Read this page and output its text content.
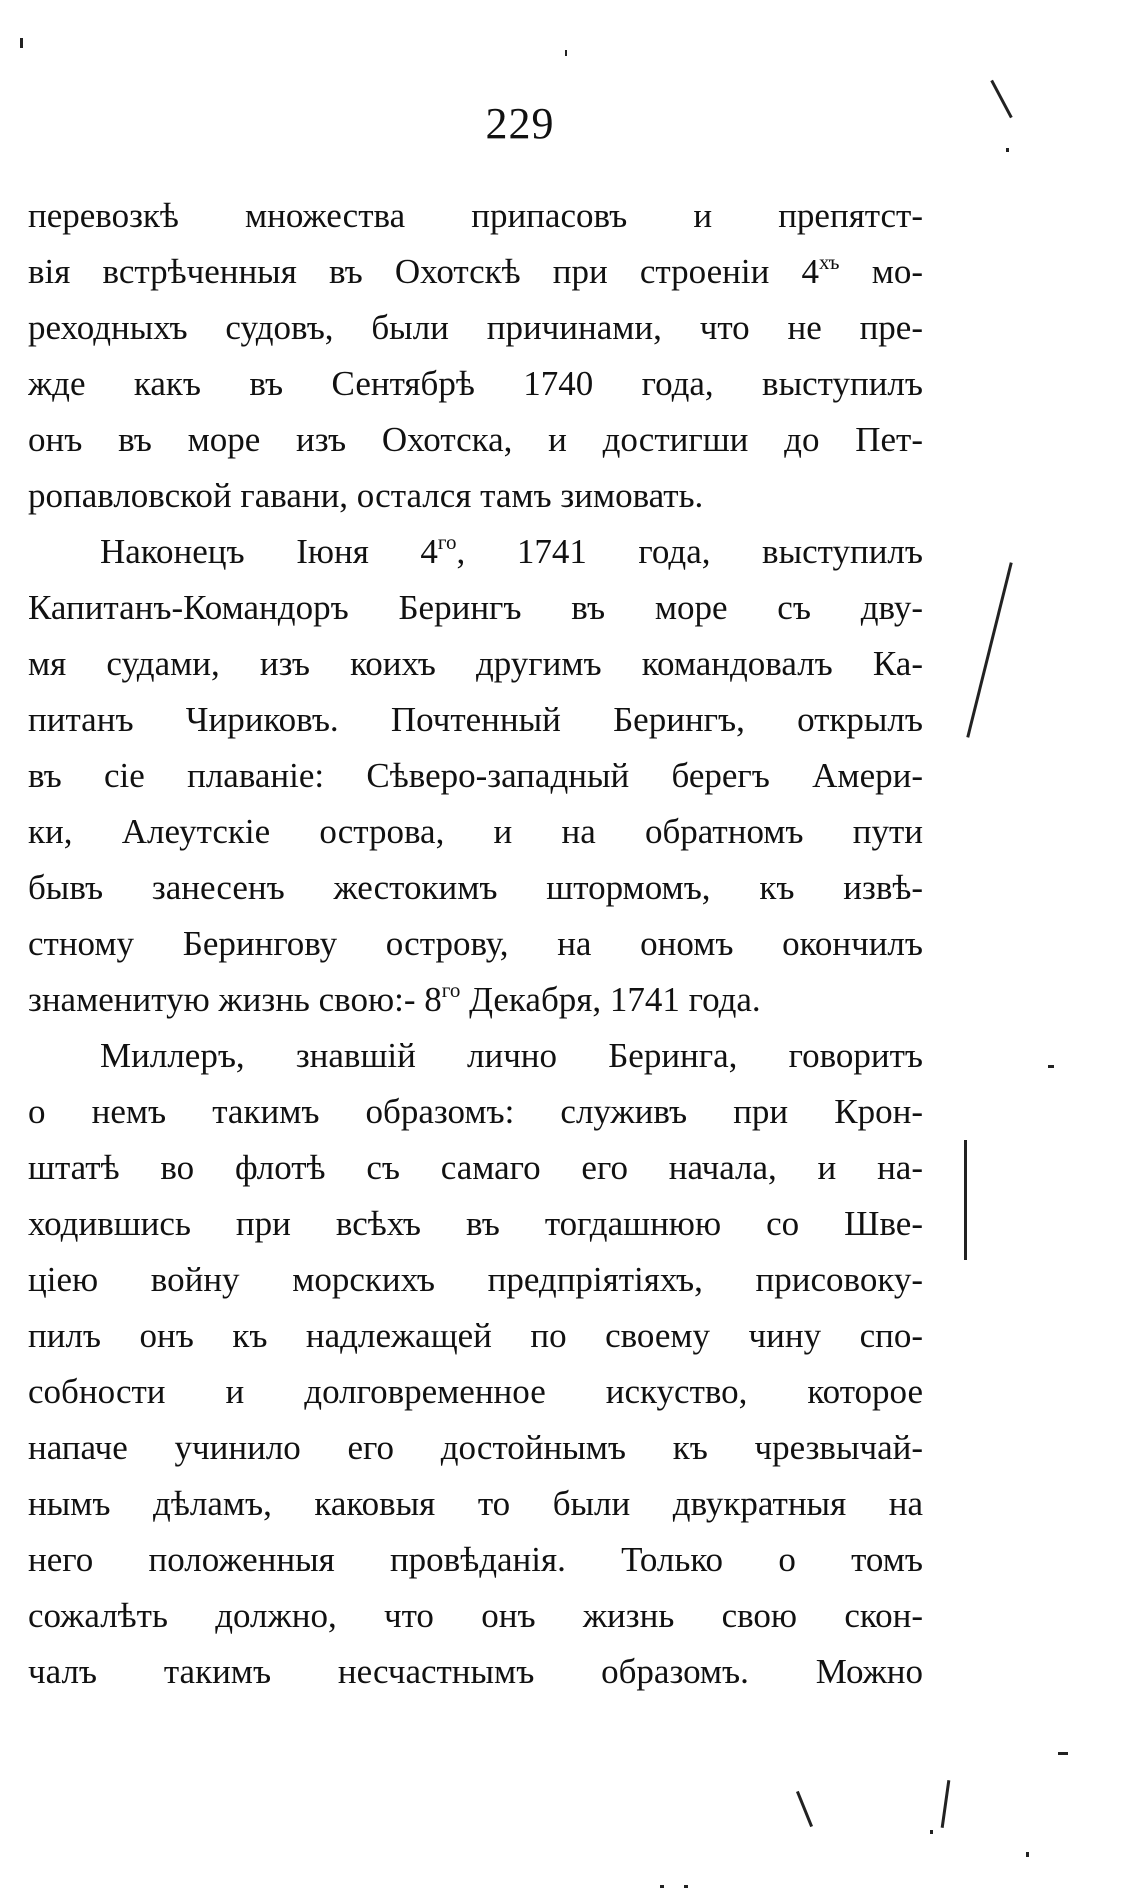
229
перевозкѣ множества припасовъ и препятст-
вія встрѣченныя въ Охотскѣ при строеніи $4^{хъ}$ мо-
реходныхъ судовъ, были причинами, что не пре-
жде какъ въ Сентябрѣ 1740 года, выступилъ
онъ въ море изъ Охотска, и достигши до Пет-
ропавловской гавани, остался тамъ зимовать.
Наконецъ Іюня $4^{го}$, 1741 года, выступилъ
Капитанъ-Командоръ Берингъ въ море съ дву-
мя судами, изъ коихъ другимъ командовалъ Ка-
питанъ Чириковъ. Почтенный Берингъ, открылъ
въ сіе плаваніе: Сѣверо-западный берегъ Амери-
ки, Алеутскіе острова, и на обратномъ пути
бывъ занесенъ жестокимъ штормомъ, къ извѣ-
стному Берингову острову, на ономъ окончилъ
знаменитую жизнь свою:- $8^{го}$ Декабря, 1741 года.
Миллеръ, знавшій лично Беринга, говоритъ
о немъ такимъ образомъ: служивъ при Крон-
штатѣ во флотѣ съ самаго его начала, и на-
ходившись при всѣхъ въ тогдашнюю со Шве-
ціею войну морскихъ предпріятіяхъ, присовоку-
пилъ онъ къ надлежащей по своему чину спо-
собности и долговременное искуство, которое
напаче учинило его достойнымъ къ чрезвычай-
нымъ дѣламъ, каковыя то были двукратныя на
него положенныя провѣданія. Только о томъ
сожалѣть должно, что онъ жизнь свою скон-
чалъ такимъ несчастнымъ образомъ. Можно
